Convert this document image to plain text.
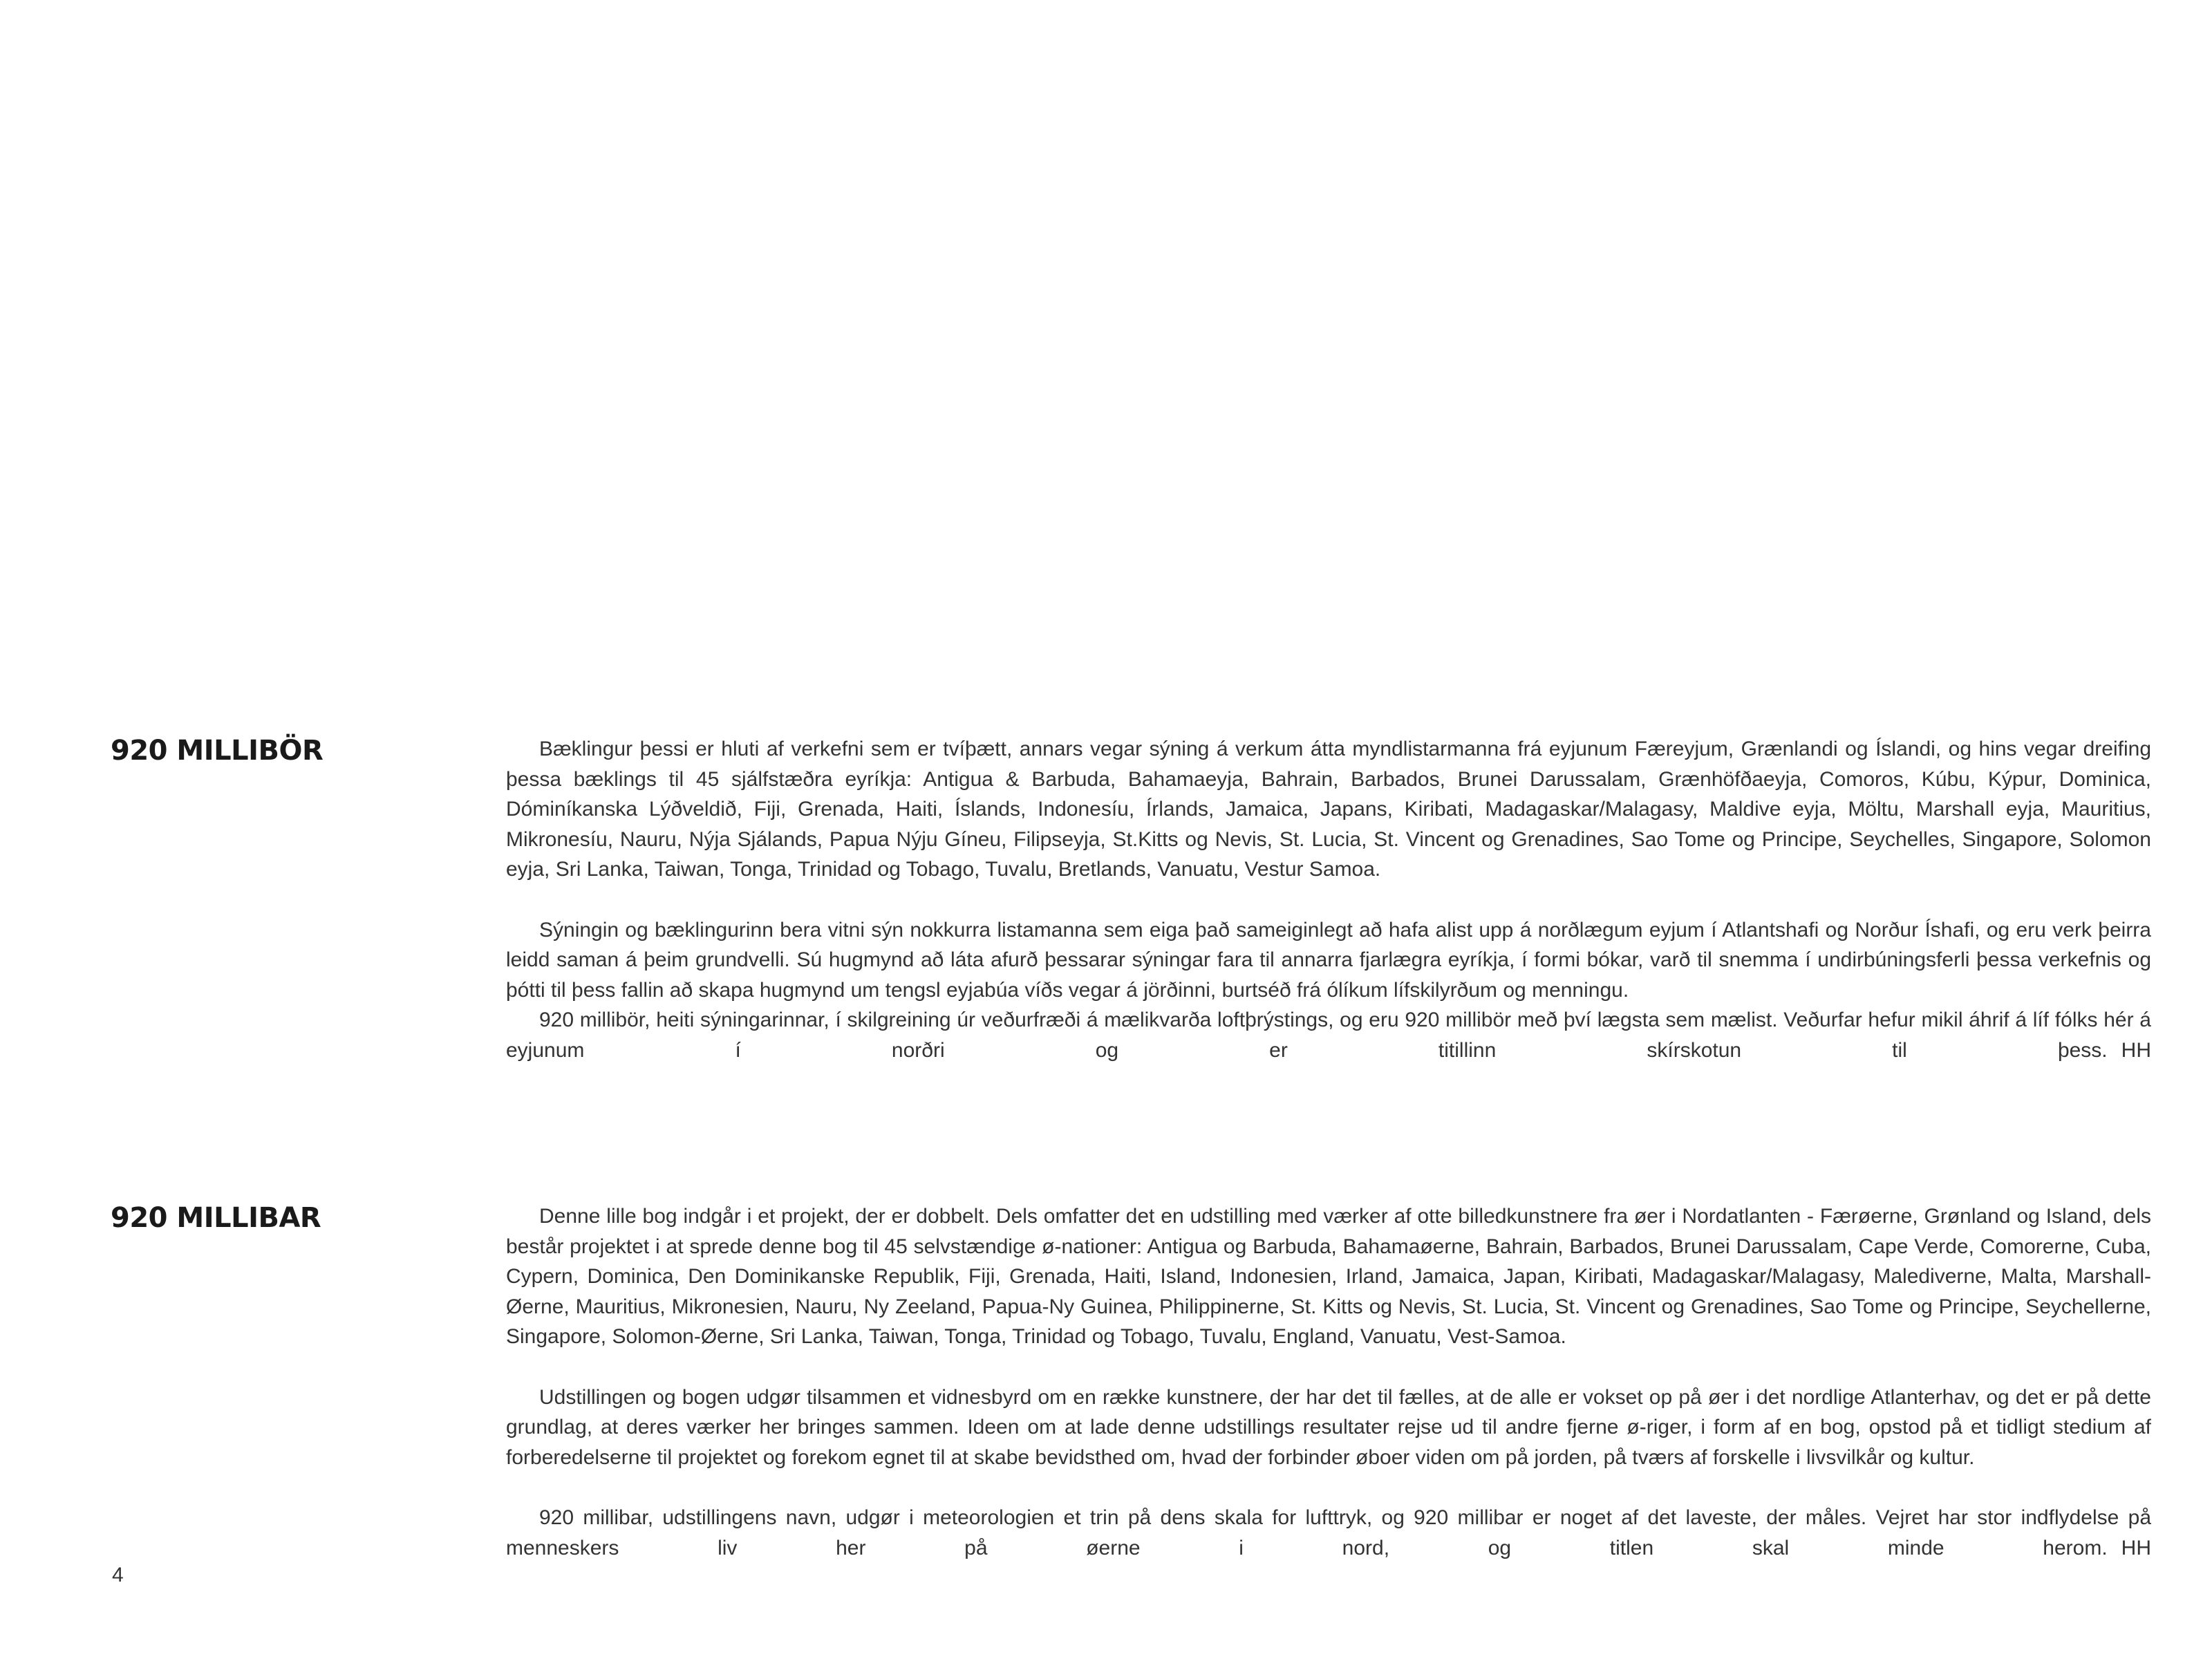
920 MILLIBÖR	Bæklingur þessi er hluti af verkefni sem er tvíþætt, annars vegar sýning á verkum átta myndlistarmanna frá eyjunum Færeyjum, Grænlandi og Íslandi, og hins vegar dreifing þessa bæklings til 45 sjálfstæðra eyríkja: Antigua & Barbuda, Bahamaeyja, Bahrain, Barbados, Brunei Darussalam, Grænhöfðaeyja, Comoros, Kúbu, Kýpur, Dominica, Dóminíkanska Lýðveldið, Fiji, Grenada, Haiti, Íslands, Indonesíu, Írlands, Jamaica, Japans, Kiribati, Madagaskar/Malagasy, Maldive eyja, Möltu, Marshall eyja, Mauritius, Mikronesíu, Nauru, Nýja Sjálands, Papua Nýju Gíneu, Filipseyja, St.Kitts og Nevis, St. Lucia, St. Vincent og Grenadines, Sao Tome og Principe, Seychelles, Singapore, Solomon eyja, Sri Lanka, Taiwan, Tonga, Trinidad og Tobago, Tuvalu, Bretlands, Vanuatu, Vestur Samoa.

Sýningin og bæklingurinn bera vitni sýn nokkurra listamanna sem eiga það sameiginlegt að hafa alist upp á norðlægum eyjum í Atlantshafi og Norður Íshafi, og eru verk þeirra leidd saman á þeim grundvelli. Sú hugmynd að láta afurð þessarar sýningar fara til annarra fjarlægra eyríkja, í formi bókar, varð til snemma í undirbúningsferli þessa verkefnis og þótti til þess fallin að skapa hugmynd um tengsl eyjabúa víðs vegar á jörðinni, burtséð frá ólíkum lífskilyrðum og menningu.

920 millibör, heiti sýningarinnar, í skilgreining úr veðurfræði á mælikvarða loftþrýstings, og eru 920 millibör með því lægsta sem mælist. Veðurfar hefur mikil áhrif á líf fólks hér á eyjunum í norðri og er titillinn skírskotun til þess. HH

920 MILLIBAR	Denne lille bog indgår i et projekt, der er dobbelt. Dels omfatter det en udstilling med værker af otte billedkunstnere fra øer i Nordatlanten - Færøerne, Grønland og Island, dels består projektet i at sprede denne bog til 45 selvstændige ø-nationer: Antigua og Barbuda, Bahamaøerne, Bahrain, Barbados, Brunei Darussalam, Cape Verde, Comorerne, Cuba, Cypern, Dominica, Den Dominikanske Republik, Fiji, Grenada, Haiti, Island, Indonesien, Irland, Jamaica, Japan, Kiribati, Madagaskar/Malagasy, Malediverne, Malta, Marshall-Øerne, Mauritius, Mikronesien, Nauru, Ny Zeeland, Papua-Ny Guinea, Philippinerne, St. Kitts og Nevis, St. Lucia, St. Vincent og Grenadines, Sao Tome og Principe, Seychellerne, Singapore, Solomon-Øerne, Sri Lanka, Taiwan, Tonga, Trinidad og Tobago, Tuvalu, England, Vanuatu, Vest-Samoa.

Udstillingen og bogen udgør tilsammen et vidnesbyrd om en række kunstnere, der har det til fælles, at de alle er vokset op på øer i det nordlige Atlanterhav, og det er på dette grundlag, at deres værker her bringes sammen. Ideen om at lade denne udstillings resultater rejse ud til andre fjerne ø-riger, i form af en bog, opstod på et tidligt stedium af forberedelserne til projektet og forekom egnet til at skabe bevidsthed om, hvad der forbinder øboer viden om på jorden, på tværs af forskelle i livsvilkår og kultur.

920 millibar, udstillingens navn, udgør i meteorologien et trin på dens skala for lufttryk, og 920 millibar er noget af det laveste, der måles. Vejret har stor indflydelse på menneskers liv her på øerne i nord, og titlen skal minde herom. HH

4
